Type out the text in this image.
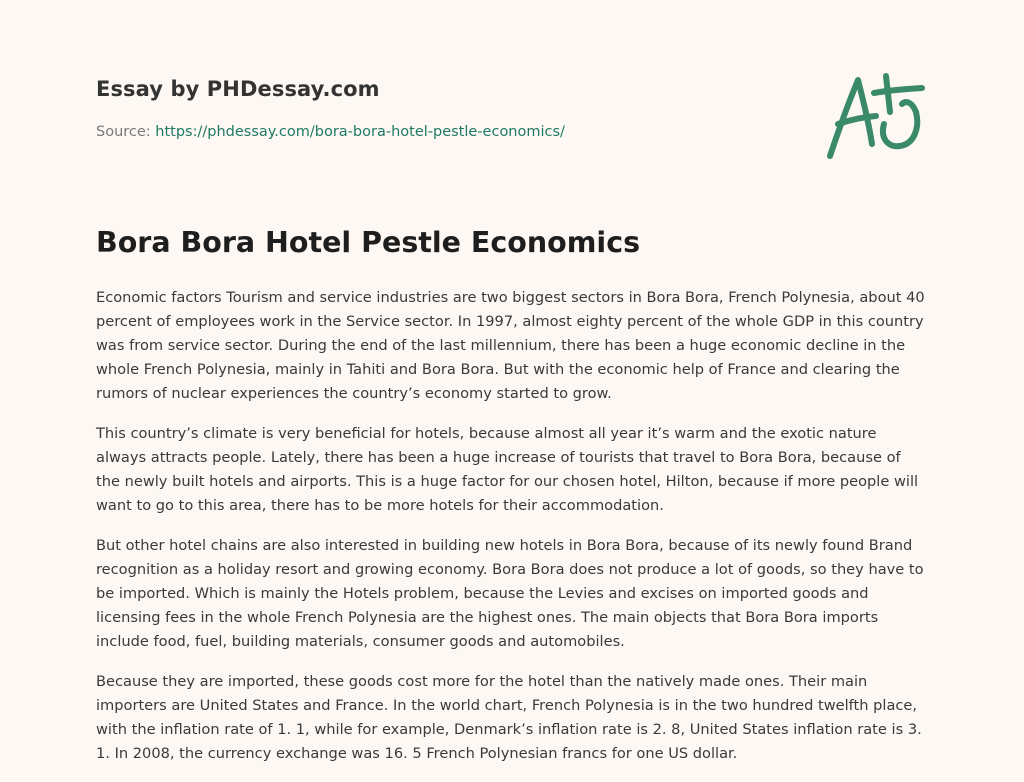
Essay by PHDessay.com
Source: https://phdessay.com/bora-bora-hotel-pestle-economics/
Bora Bora Hotel Pestle Economics

Economic factors Tourism and service industries are two biggest sectors in Bora Bora, French Polynesia, about 40 percent of employees work in the Service sector. In 1997, almost eighty percent of the whole GDP in this country was from service sector. During the end of the last millennium, there has been a huge economic decline in the whole French Polynesia, mainly in Tahiti and Bora Bora. But with the economic help of France and clearing the rumors of nuclear experiences the country’s economy started to grow.

This country’s climate is very beneficial for hotels, because almost all year it’s warm and the exotic nature always attracts people. Lately, there has been a huge increase of tourists that travel to Bora Bora, because of the newly built hotels and airports. This is a huge factor for our chosen hotel, Hilton, because if more people will want to go to this area, there has to be more hotels for their accommodation.

But other hotel chains are also interested in building new hotels in Bora Bora, because of its newly found Brand recognition as a holiday resort and growing economy. Bora Bora does not produce a lot of goods, so they have to be imported. Which is mainly the Hotels problem, because the Levies and excises on imported goods and licensing fees in the whole French Polynesia are the highest ones. The main objects that Bora Bora imports include food, fuel, building materials, consumer goods and automobiles.

Because they are imported, these goods cost more for the hotel than the natively made ones. Their main importers are United States and France. In the world chart, French Polynesia is in the two hundred twelfth place, with the inflation rate of 1. 1, while for example, Denmark’s inflation rate is 2. 8, United States inflation rate is 3. 1. In 2008, the currency exchange was 16. 5 French Polynesian francs for one US dollar.
